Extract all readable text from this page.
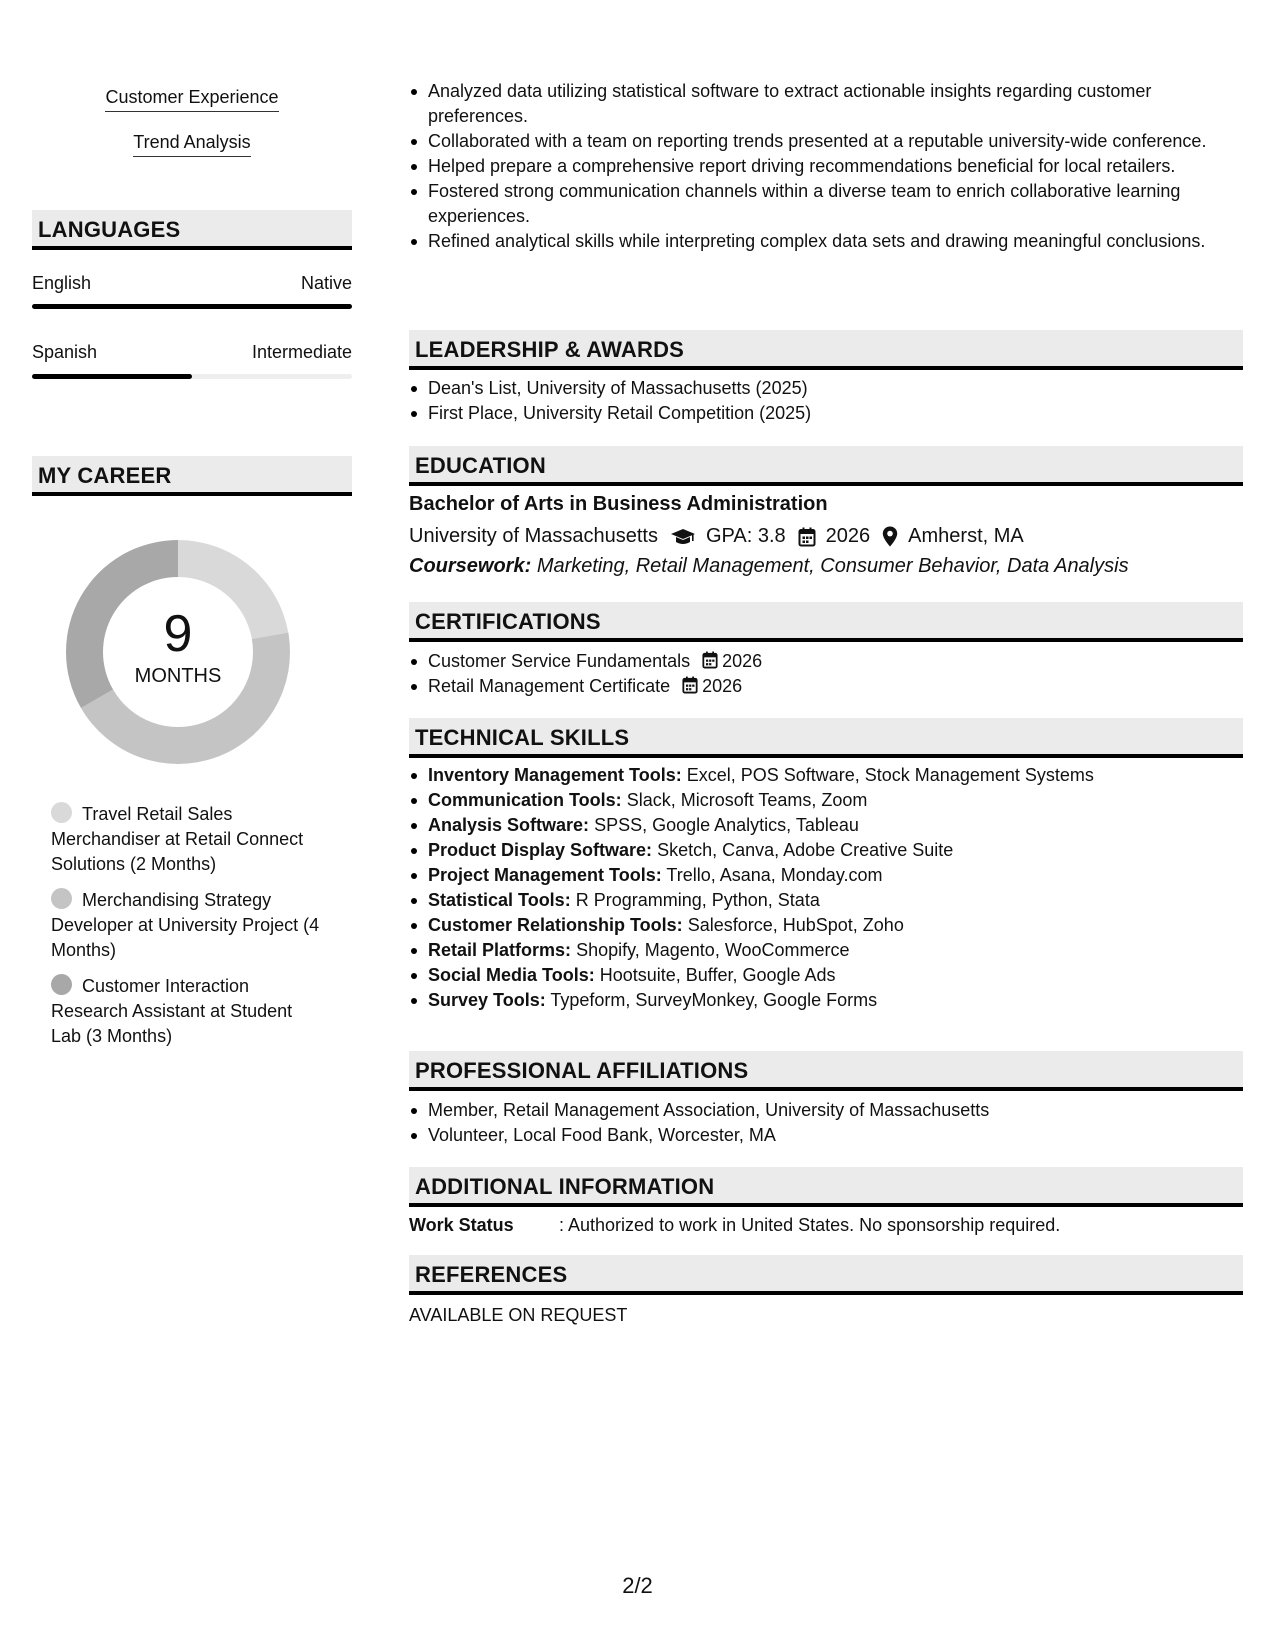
Customer Experience
Trend Analysis
LANGUAGES
English	Native
Spanish	Intermediate
MY CAREER
9
MONTHS
Travel Retail Sales Merchandiser at Retail Connect Solutions (2 Months)
Merchandising Strategy Developer at University Project (4 Months)
Customer Interaction Research Assistant at Student Lab (3 Months)
Analyzed data utilizing statistical software to extract actionable insights regarding customer preferences.
Collaborated with a team on reporting trends presented at a reputable university-wide conference.
Helped prepare a comprehensive report driving recommendations beneficial for local retailers.
Fostered strong communication channels within a diverse team to enrich collaborative learning experiences.
Refined analytical skills while interpreting complex data sets and drawing meaningful conclusions.
LEADERSHIP & AWARDS
Dean's List, University of Massachusetts (2025)
First Place, University Retail Competition (2025)
EDUCATION
Bachelor of Arts in Business Administration
University of Massachusetts GPA: 3.8 2026 Amherst, MA
Coursework: Marketing, Retail Management, Consumer Behavior, Data Analysis
CERTIFICATIONS
Customer Service Fundamentals 2026
Retail Management Certificate 2026
TECHNICAL SKILLS
Inventory Management Tools: Excel, POS Software, Stock Management Systems
Communication Tools: Slack, Microsoft Teams, Zoom
Analysis Software: SPSS, Google Analytics, Tableau
Product Display Software: Sketch, Canva, Adobe Creative Suite
Project Management Tools: Trello, Asana, Monday.com
Statistical Tools: R Programming, Python, Stata
Customer Relationship Tools: Salesforce, HubSpot, Zoho
Retail Platforms: Shopify, Magento, WooCommerce
Social Media Tools: Hootsuite, Buffer, Google Ads
Survey Tools: Typeform, SurveyMonkey, Google Forms
PROFESSIONAL AFFILIATIONS
Member, Retail Management Association, University of Massachusetts
Volunteer, Local Food Bank, Worcester, MA
ADDITIONAL INFORMATION
Work Status	: Authorized to work in United States. No sponsorship required.
REFERENCES
AVAILABLE ON REQUEST
2/2
